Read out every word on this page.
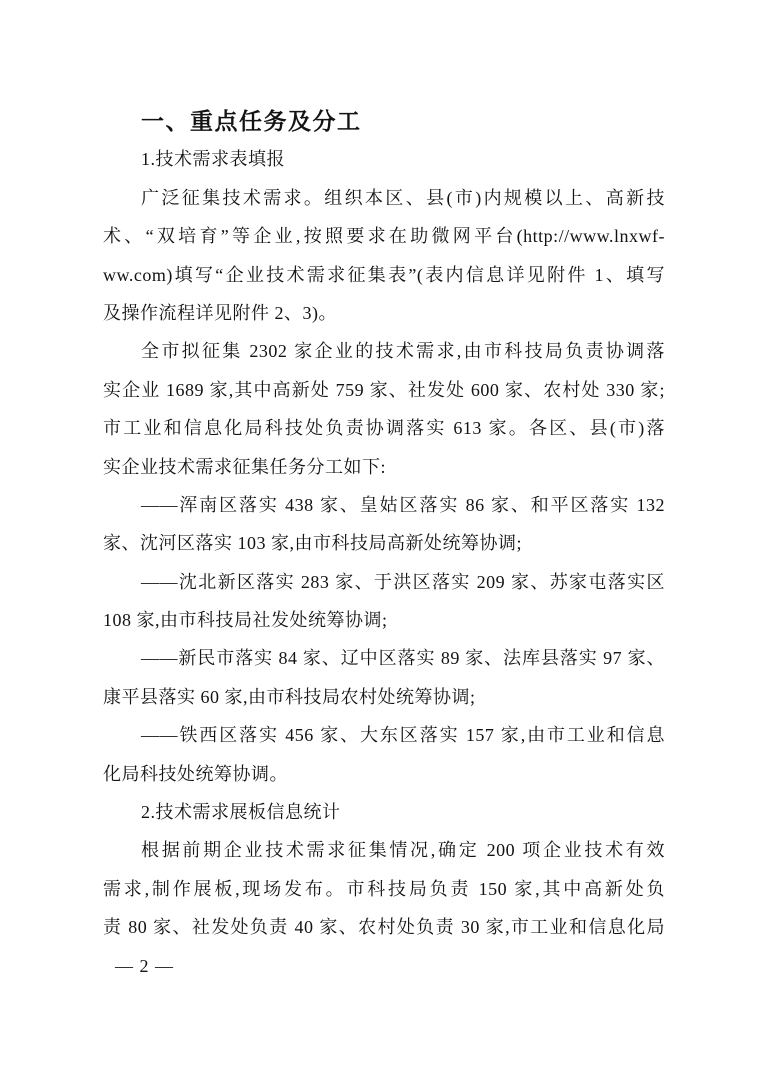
一、重点任务及分工
1.技术需求表填报
广泛征集技术需求。组织本区、县(市)内规模以上、高新技
术、“双培育”等企业,按照要求在助微网平台(http://www.lnxwf-
ww.com)填写“企业技术需求征集表”(表内信息详见附件 1、填写
及操作流程详见附件 2、3)。
全市拟征集 2302 家企业的技术需求,由市科技局负责协调落
实企业 1689 家,其中高新处 759 家、社发处 600 家、农村处 330 家;
市工业和信息化局科技处负责协调落实 613 家。各区、县(市)落
实企业技术需求征集任务分工如下:
——浑南区落实 438 家、皇姑区落实 86 家、和平区落实 132
家、沈河区落实 103 家,由市科技局高新处统筹协调;
——沈北新区落实 283 家、于洪区落实 209 家、苏家屯落实区
108 家,由市科技局社发处统筹协调;
——新民市落实 84 家、辽中区落实 89 家、法库县落实 97 家、
康平县落实 60 家,由市科技局农村处统筹协调;
——铁西区落实 456 家、大东区落实 157 家,由市工业和信息
化局科技处统筹协调。
2.技术需求展板信息统计
根据前期企业技术需求征集情况,确定 200 项企业技术有效
需求,制作展板,现场发布。市科技局负责 150 家,其中高新处负
责 80 家、社发处负责 40 家、农村处负责 30 家,市工业和信息化局
— 2 —
